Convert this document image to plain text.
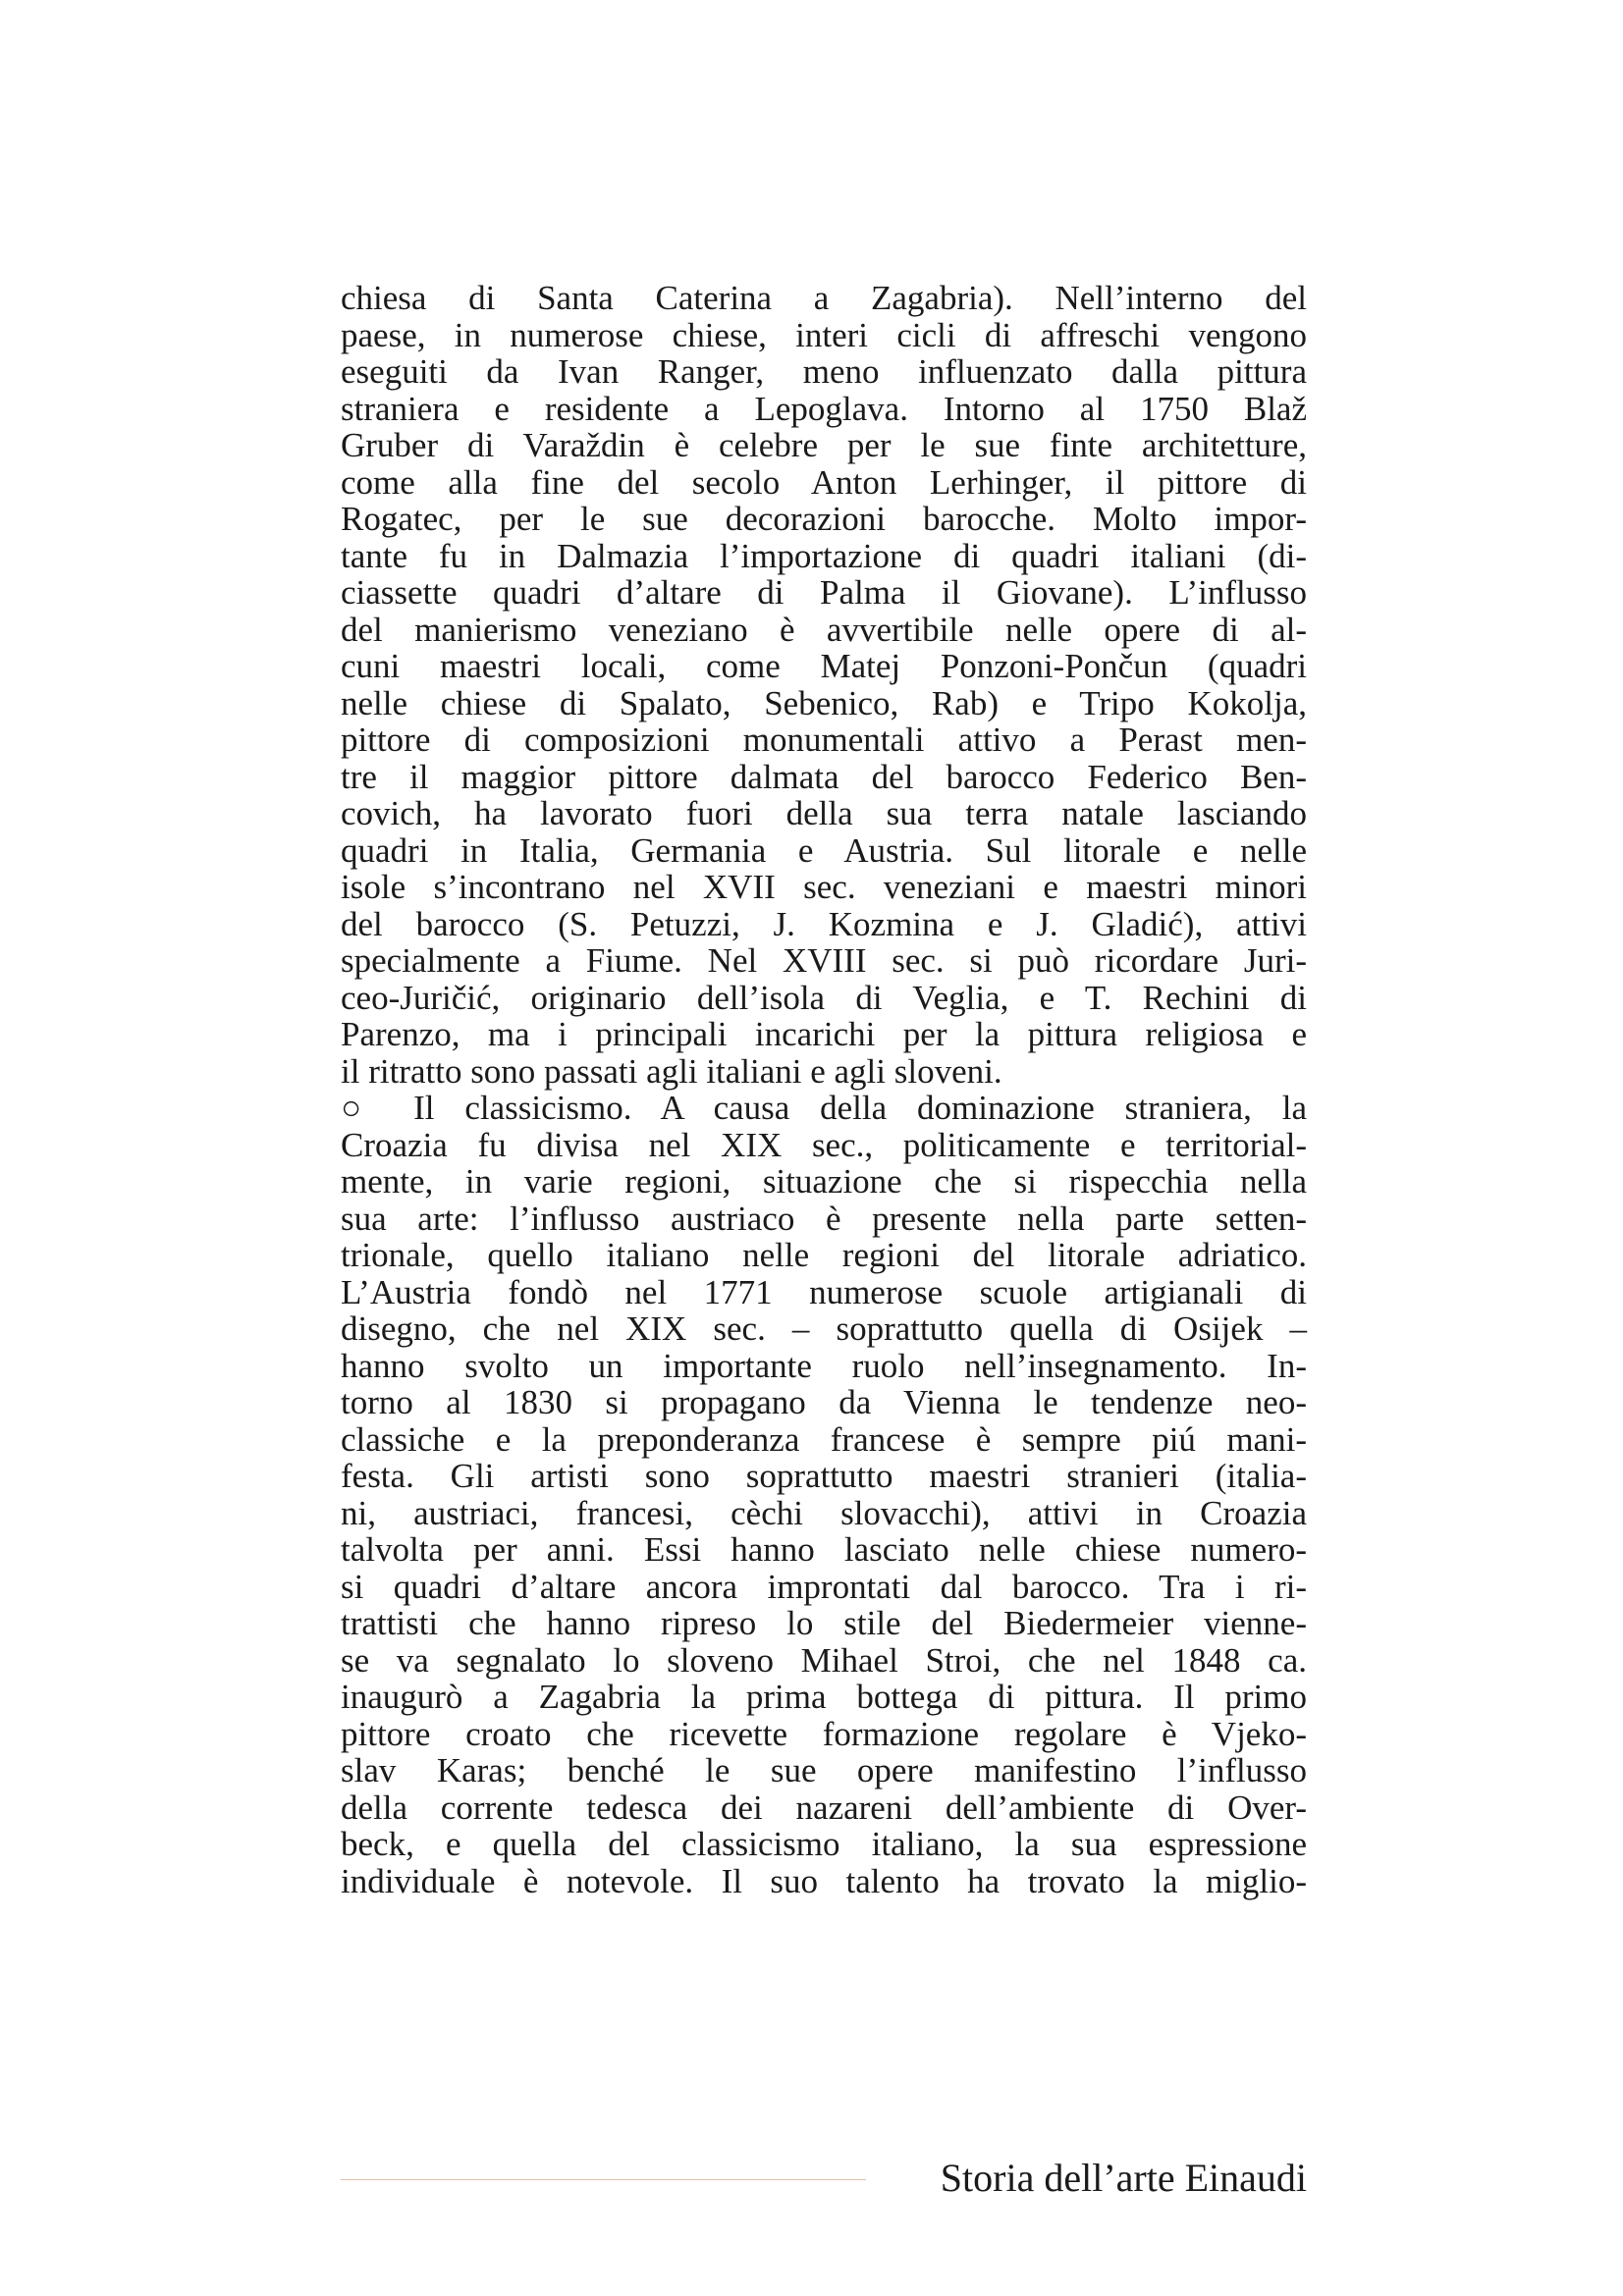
chiesa di Santa Caterina a Zagabria). Nell’interno del
paese, in numerose chiese, interi cicli di affreschi vengono
eseguiti da Ivan Ranger, meno influenzato dalla pittura
straniera e residente a Lepoglava. Intorno al 1750 Blaž
Gruber di Varaždin è celebre per le sue finte architetture,
come alla fine del secolo Anton Lerhinger, il pittore di
Rogatec, per le sue decorazioni barocche. Molto impor-
tante fu in Dalmazia l’importazione di quadri italiani (di-
ciassette quadri d’altare di Palma il Giovane). L’influsso
del manierismo veneziano è avvertibile nelle opere di al-
cuni maestri locali, come Matej Ponzoni-Pončun (quadri
nelle chiese di Spalato, Sebenico, Rab) e Tripo Kokolja,
pittore di composizioni monumentali attivo a Perast men-
tre il maggior pittore dalmata del barocco Federico Ben-
covich, ha lavorato fuori della sua terra natale lasciando
quadri in Italia, Germania e Austria. Sul litorale e nelle
isole s’incontrano nel XVII sec. veneziani e maestri minori
del barocco (S. Petuzzi, J. Kozmina e J. Gladić), attivi
specialmente a Fiume. Nel XVIII sec. si può ricordare Juri-
ceo-Juričić, originario dell’isola di Veglia, e T. Rechini di
Parenzo, ma i principali incarichi per la pittura religiosa e
il ritratto sono passati agli italiani e agli sloveni.
○ Il classicismo. A causa della dominazione straniera, la
Croazia fu divisa nel XIX sec., politicamente e territorial-
mente, in varie regioni, situazione che si rispecchia nella
sua arte: l’influsso austriaco è presente nella parte setten-
trionale, quello italiano nelle regioni del litorale adriatico.
L’Austria fondò nel 1771 numerose scuole artigianali di
disegno, che nel XIX sec. – soprattutto quella di Osijek –
hanno svolto un importante ruolo nell’insegnamento. In-
torno al 1830 si propagano da Vienna le tendenze neo-
classiche e la preponderanza francese è sempre piú mani-
festa. Gli artisti sono soprattutto maestri stranieri (italia-
ni, austriaci, francesi, cèchi slovacchi), attivi in Croazia
talvolta per anni. Essi hanno lasciato nelle chiese numero-
si quadri d’altare ancora improntati dal barocco. Tra i ri-
trattisti che hanno ripreso lo stile del Biedermeier vienne-
se va segnalato lo sloveno Mihael Stroi, che nel 1848 ca.
inaugurò a Zagabria la prima bottega di pittura. Il primo
pittore croato che ricevette formazione regolare è Vjeko-
slav Karas; benché le sue opere manifestino l’influsso
della corrente tedesca dei nazareni dell’ambiente di Over-
beck, e quella del classicismo italiano, la sua espressione
individuale è notevole. Il suo talento ha trovato la miglio-
Storia dell’arte Einaudi
